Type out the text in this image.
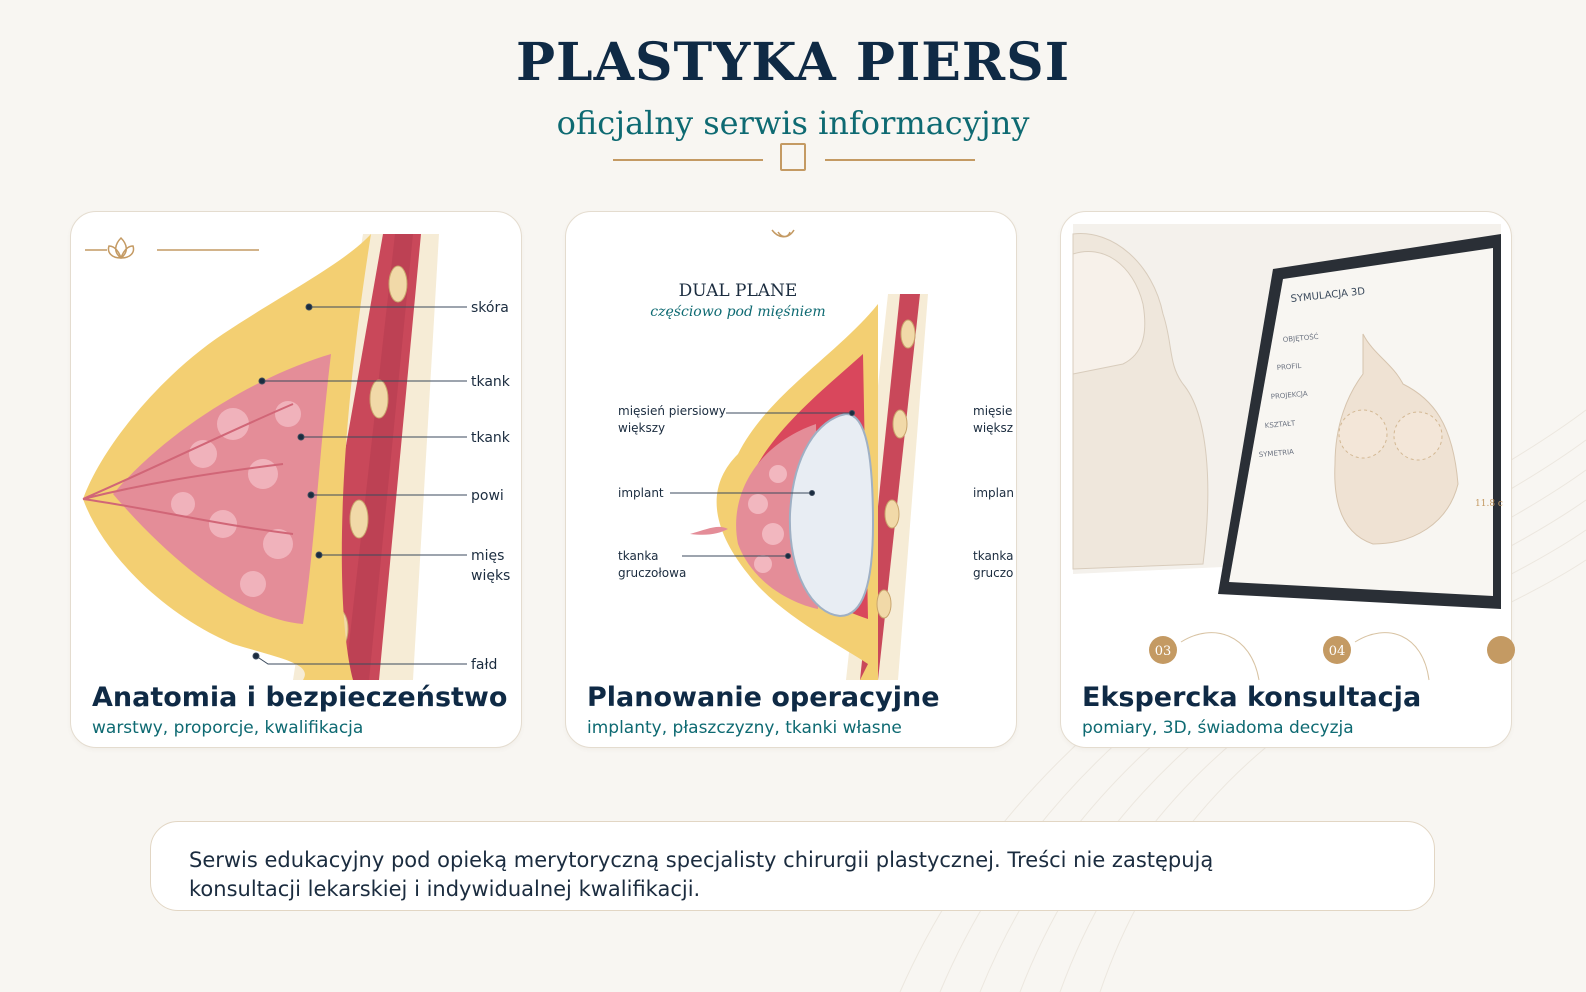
PLASTYKA PIERSI

oficjalny serwis informacyjny

skóra
tkank
tkank
powi
mięs
więks
fałd
Anatomia i bezpieczeństwo

warstwy, proporcje, kwalifikacja

DUAL PLANE
częściowo pod mięśniem
mięsień piersiowy
większy
implant
tkanka
gruczołowa
mięsie
większ
implan
tkanka
gruczo
Planowanie operacyjne

implanty, płaszczyzny, tkanki własne

SYMULACJA 3D
OBJĘTOŚĆ
PROFIL
PROJEKCJA
KSZTAŁT
SYMETRIA
11.8 c
03	04
Ekspercka konsultacja

pomiary, 3D, świadoma decyzja

Serwis edukacyjny pod opieką merytoryczną specjalisty chirurgii plastycznej. Treści nie zastępują konsultacji lekarskiej i indywidualnej kwalifikacji.
